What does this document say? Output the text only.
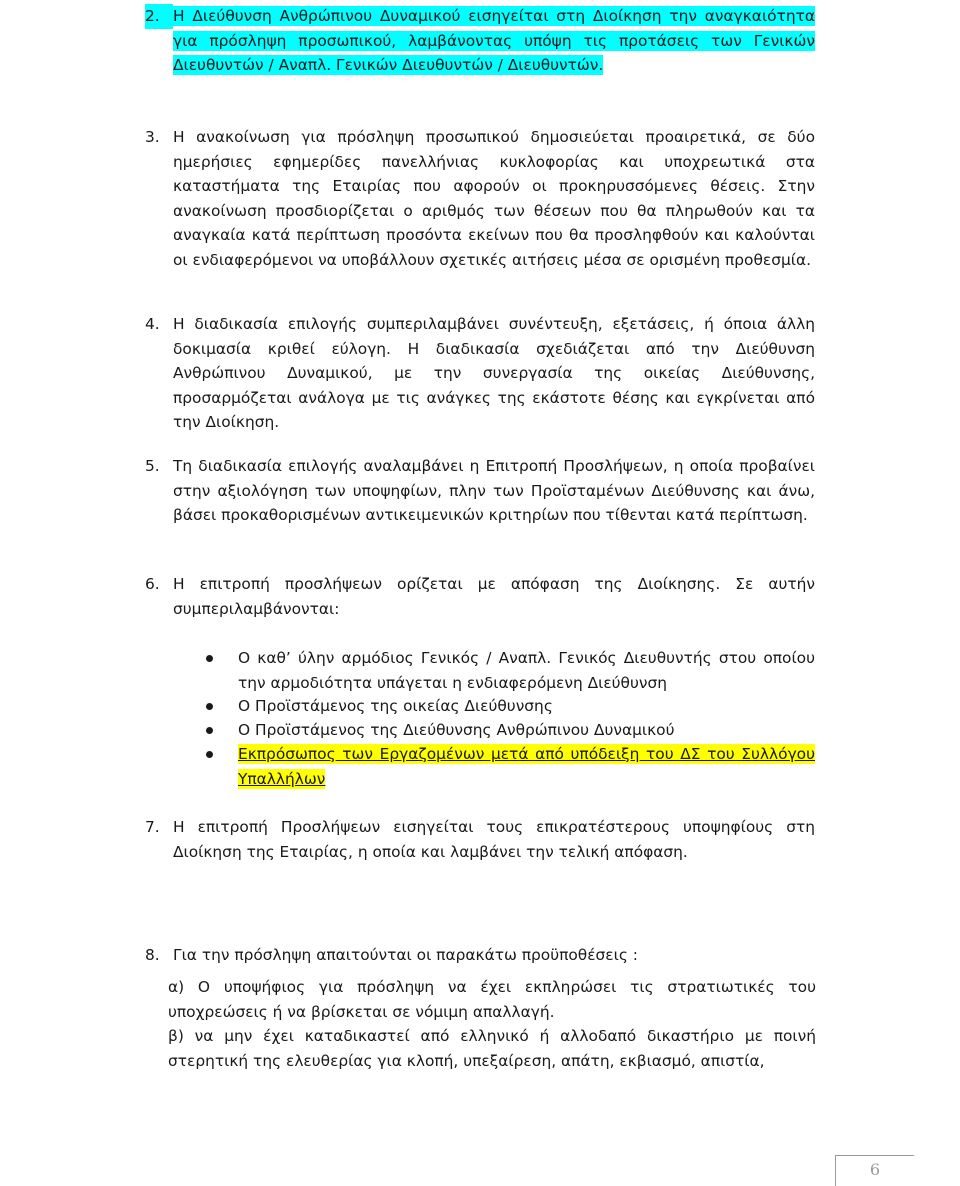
2. Η Διεύθυνση Ανθρώπινου Δυναμικού εισηγείται στη Διοίκηση την αναγκαιότητα για πρόσληψη προσωπικού, λαμβάνοντας υπόψη τις προτάσεις των Γενικών Διευθυντών / Αναπλ. Γενικών Διευθυντών / Διευθυντών.
3. Η ανακοίνωση για πρόσληψη προσωπικού δημοσιεύεται προαιρετικά, σε δύο ημερήσιες εφημερίδες πανελλήνιας κυκλοφορίας και υποχρεωτικά στα καταστήματα της Εταιρίας που αφορούν οι προκηρυσσόμενες θέσεις. Στην ανακοίνωση προσδιορίζεται ο αριθμός των θέσεων που θα πληρωθούν και τα αναγκαία κατά περίπτωση προσόντα εκείνων που θα προσληφθούν και καλούνται οι ενδιαφερόμενοι να υποβάλλουν σχετικές αιτήσεις μέσα σε ορισμένη προθεσμία.
4. Η διαδικασία επιλογής συμπεριλαμβάνει συνέντευξη, εξετάσεις, ή όποια άλλη δοκιμασία κριθεί εύλογη. Η διαδικασία σχεδιάζεται από την Διεύθυνση Ανθρώπινου Δυναμικού, με την συνεργασία της οικείας Διεύθυνσης, προσαρμόζεται ανάλογα με τις ανάγκες της εκάστοτε θέσης και εγκρίνεται από την Διοίκηση.
5. Τη διαδικασία επιλογής αναλαμβάνει η Επιτροπή Προσλήψεων, η οποία προβαίνει στην αξιολόγηση των υποψηφίων, πλην των Προϊσταμένων Διεύθυνσης και άνω, βάσει προκαθορισμένων αντικειμενικών κριτηρίων που τίθενται κατά περίπτωση.
6. Η επιτροπή προσλήψεων ορίζεται με απόφαση της Διοίκησης. Σε αυτήν συμπεριλαμβάνονται:
Ο καθ’ ύλην αρμόδιος Γενικός / Αναπλ. Γενικός Διευθυντής στου οποίου την αρμοδιότητα υπάγεται η ενδιαφερόμενη Διεύθυνση
Ο Προϊστάμενος της οικείας Διεύθυνσης
Ο Προϊστάμενος της Διεύθυνσης Ανθρώπινου Δυναμικού
Εκπρόσωπος των Εργαζομένων μετά από υπόδειξη του ΔΣ του Συλλόγου Υπαλλήλων
7. Η επιτροπή Προσλήψεων εισηγείται τους επικρατέστερους υποψηφίους στη Διοίκηση της Εταιρίας, η οποία και λαμβάνει την τελική απόφαση.
8. Για την πρόσληψη απαιτούνται οι παρακάτω προϋποθέσεις :
α) Ο υποψήφιος για πρόσληψη να έχει εκπληρώσει τις στρατιωτικές του υποχρεώσεις ή να βρίσκεται σε νόμιμη απαλλαγή.
β) να μην έχει καταδικαστεί από ελληνικό ή αλλοδαπό δικαστήριο με ποινή στερητική της ελευθερίας για κλοπή, υπεξαίρεση, απάτη, εκβιασμό, απιστία,
6
